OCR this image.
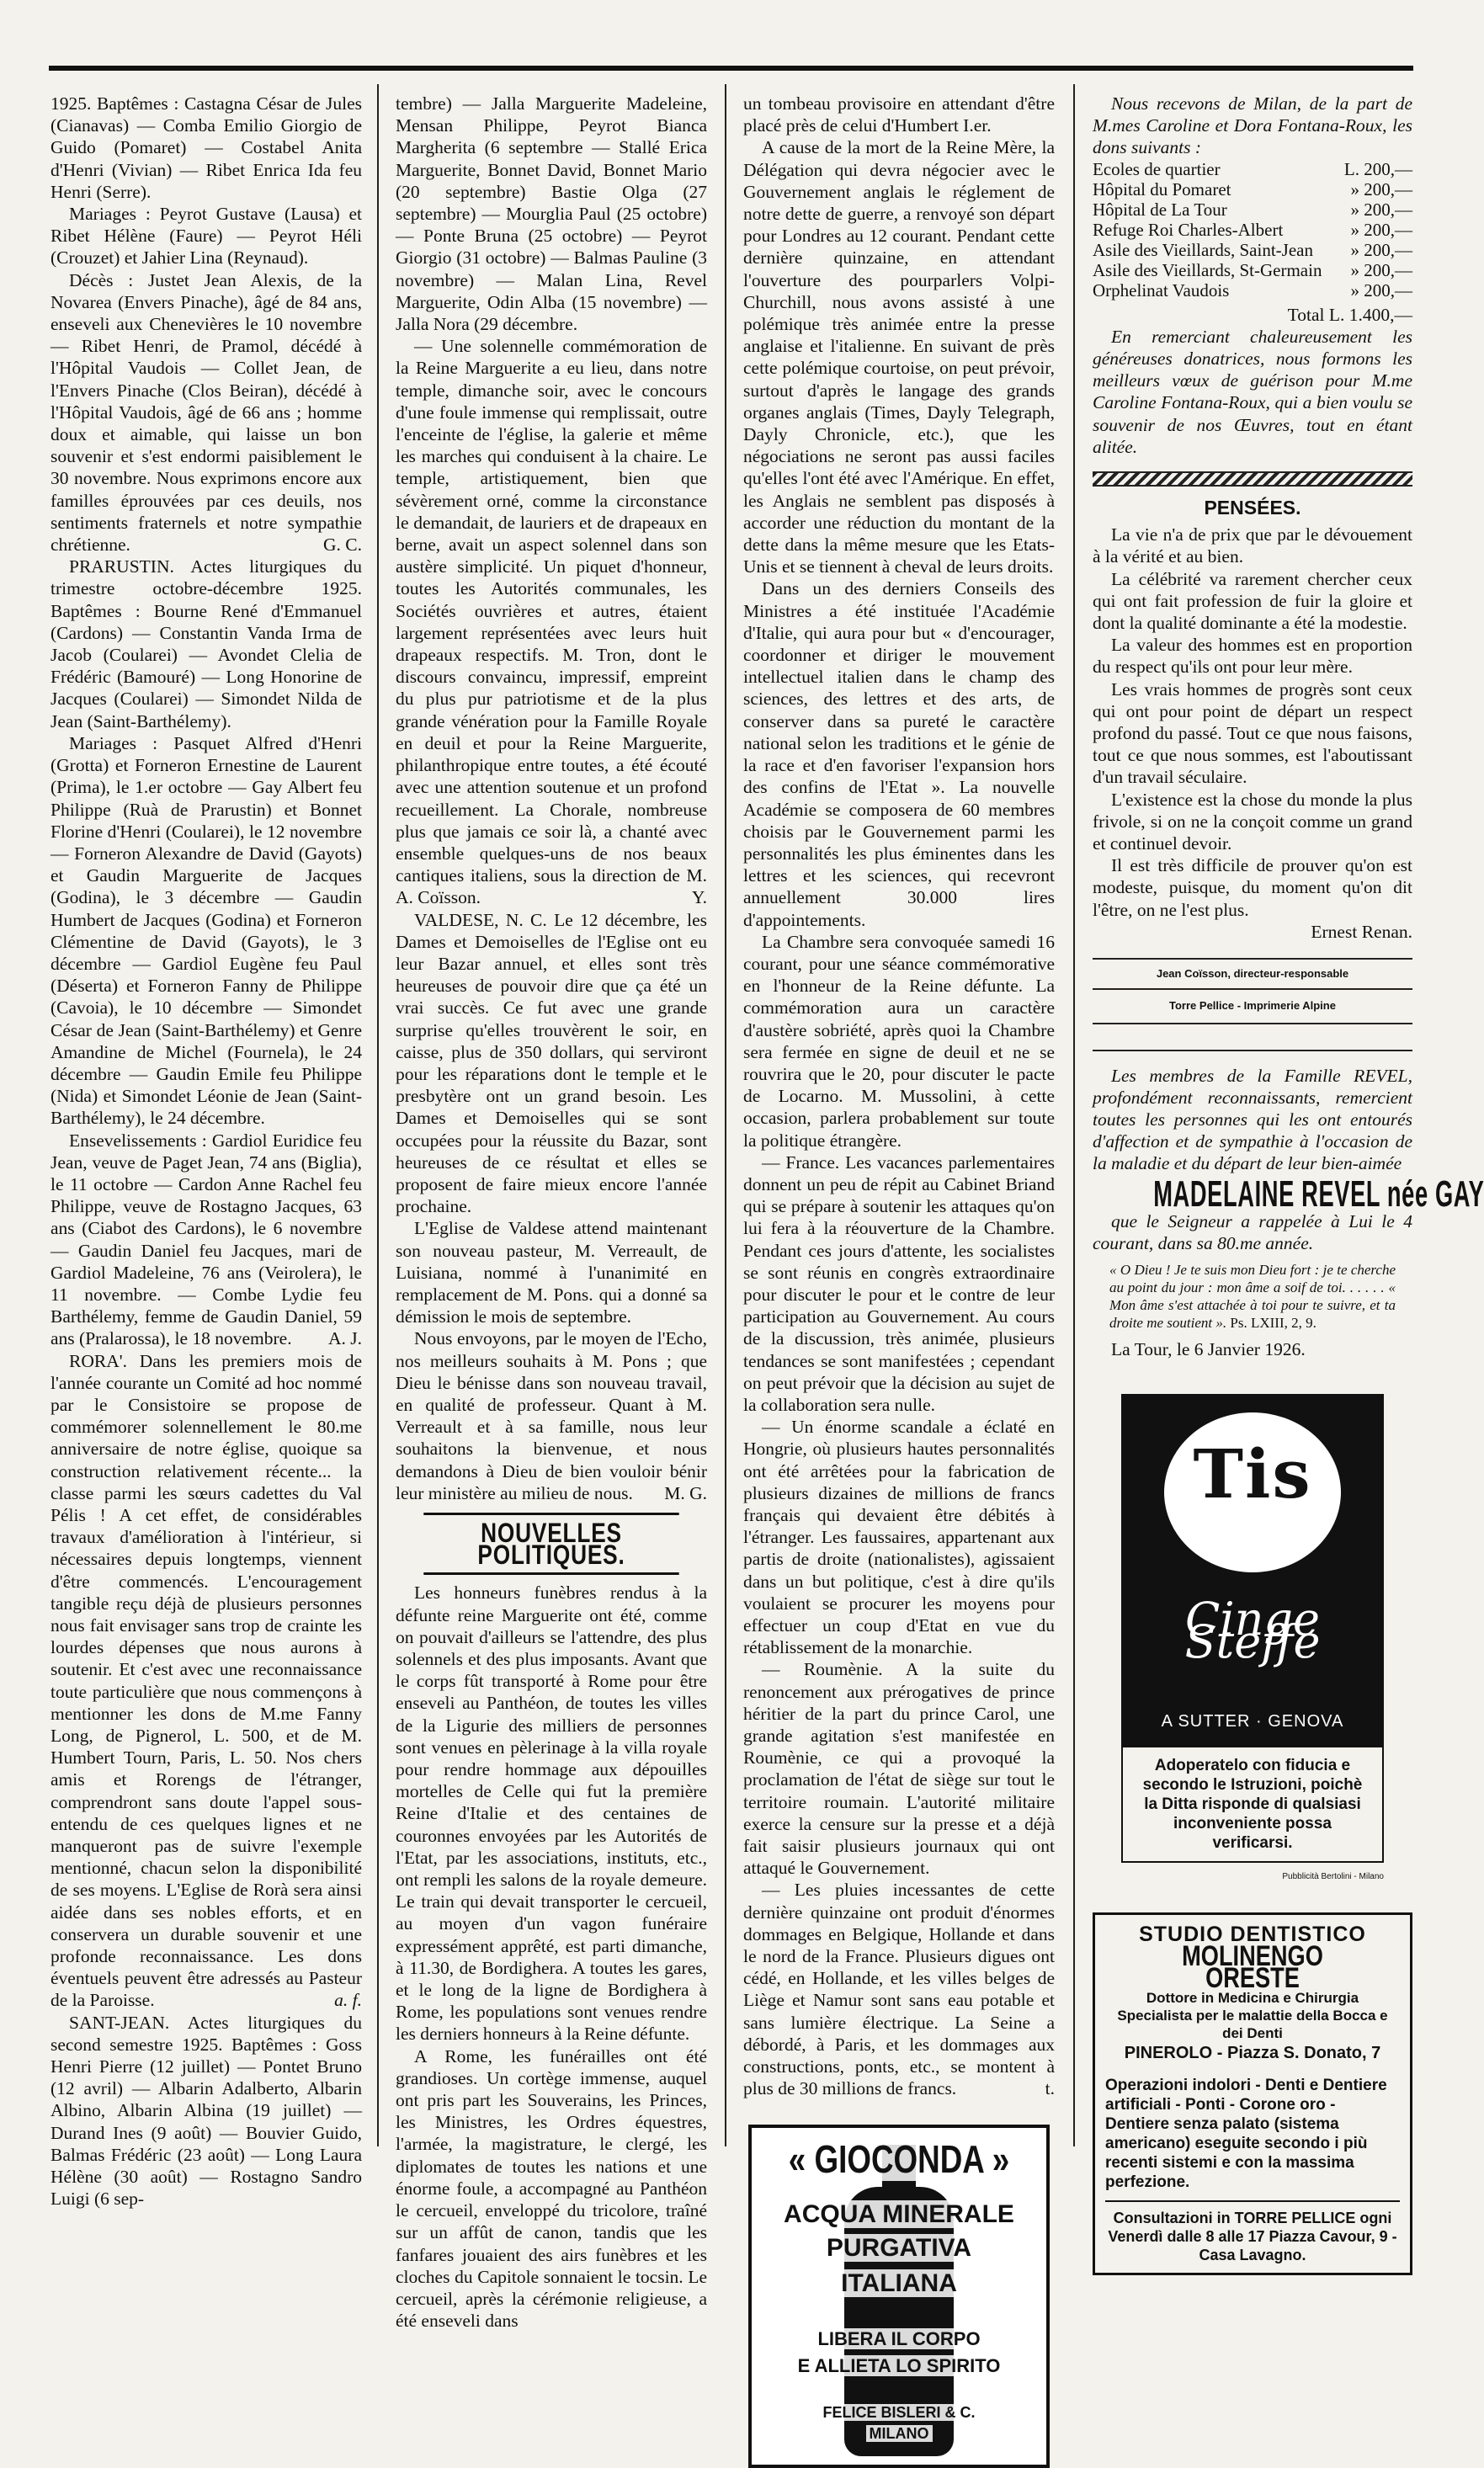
1925. Baptêmes : Castagna César de Jules (Cianavas) — Comba Emilio Giorgio de Guido (Pomaret) — Costabel Anita d'Henri (Vivian) — Ribet Enrica Ida feu Henri (Serre).

Mariages : Peyrot Gustave (Lausa) et Ribet Hélène (Faure) — Peyrot Héli (Crouzet) et Jahier Lina (Reynaud).

Décès : Justet Jean Alexis, de la Novarea (Envers Pinache), âgé de 84 ans, enseveli aux Chenevières le 10 novembre — Ribet Henri, de Pramol, décédé à l'Hôpital Vaudois — Collet Jean, de l'Envers Pinache (Clos Beiran), décédé à l'Hôpital Vaudois, âgé de 66 ans ; homme doux et aimable, qui laisse un bon souvenir et s'est endormi paisiblement le 30 novembre. Nous exprimons encore aux familles éprouvées par ces deuils, nos sentiments fraternels et notre sympathie chrétienne.	G. C.

PRARUSTIN. Actes liturgiques du trimestre octobre-décembre 1925. Baptêmes : Bourne René d'Emmanuel (Cardons) — Constantin Vanda Irma de Jacob (Coularei) — Avondet Clelia de Frédéric (Bamouré) — Long Honorine de Jacques (Coularei) — Simondet Nilda de Jean (Saint-Barthélemy).

Mariages : Pasquet Alfred d'Henri (Grotta) et Forneron Ernestine de Laurent (Prima), le 1.er octobre — Gay Albert feu Philippe (Ruà de Prarustin) et Bonnet Florine d'Henri (Coularei), le 12 novembre — Forneron Alexandre de David (Gayots) et Gaudin Marguerite de Jacques (Godina), le 3 décembre — Gaudin Humbert de Jacques (Godina) et Forneron Clémentine de David (Gayots), le 3 décembre — Gardiol Eugène feu Paul (Déserta) et Forneron Fanny de Philippe (Cavoia), le 10 décembre — Simondet César de Jean (Saint-Barthélemy) et Genre Amandine de Michel (Fournela), le 24 décembre — Gaudin Emile feu Philippe (Nida) et Simondet Léonie de Jean (Saint-Barthélemy), le 24 décembre.

Ensevelissements : Gardiol Euridice feu Jean, veuve de Paget Jean, 74 ans (Biglia), le 11 octobre — Cardon Anne Rachel feu Philippe, veuve de Rostagno Jacques, 63 ans (Ciabot des Cardons), le 6 novembre — Gaudin Daniel feu Jacques, mari de Gardiol Madeleine, 76 ans (Veirolera), le 11 novembre. — Combe Lydie feu Barthélemy, femme de Gaudin Daniel, 59 ans (Pralarossa), le 18 novembre.	A. J.

RORA'. Dans les premiers mois de l'année courante un Comité ad hoc nommé par le Consistoire se propose de commémorer solennellement le 80.me anniversaire de notre église, quoique sa construction relativement récente... la classe parmi les sœurs cadettes du Val Pélis ! A cet effet, de considérables travaux d'amélioration à l'intérieur, si nécessaires depuis longtemps, viennent d'être commencés. L'encouragement tangible reçu déjà de plusieurs personnes nous fait envisager sans trop de crainte les lourdes dépenses que nous aurons à soutenir. Et c'est avec une reconnaissance toute particulière que nous commençons à mentionner les dons de M.me Fanny Long, de Pignerol, L. 500, et de M. Humbert Tourn, Paris, L. 50. Nos chers amis et Rorengs de l'étranger, comprendront sans doute l'appel sous-entendu de ces quelques lignes et ne manqueront pas de suivre l'exemple mentionné, chacun selon la disponibilité de ses moyens. L'Eglise de Rorà sera ainsi aidée dans ses nobles efforts, et en conservera un durable souvenir et une profonde reconnaissance. Les dons éventuels peuvent être adressés au Pasteur de la Paroisse.	a. f.

SANT-JEAN. Actes liturgiques du second semestre 1925. Baptêmes : Goss Henri Pierre (12 juillet) — Pontet Bruno (12 avril) — Albarin Adalberto, Albarin Albino, Albarin Albina (19 juillet) — Durand Ines (9 août) — Bouvier Guido, Balmas Frédéric (23 août) — Long Laura Hélène (30 août) — Rostagno Sandro Luigi (6 sep-

tembre) — Jalla Marguerite Madeleine, Mensan Philippe, Peyrot Bianca Margherita (6 septembre — Stallé Erica Marguerite, Bonnet David, Bonnet Mario (20 septembre) Bastie Olga (27 septembre) — Mourglia Paul (25 octobre) — Ponte Bruna (25 octobre) — Peyrot Giorgio (31 octobre) — Balmas Pauline (3 novembre) — Malan Lina, Revel Marguerite, Odin Alba (15 novembre) — Jalla Nora (29 décembre.

— Une solennelle commémoration de la Reine Marguerite a eu lieu, dans notre temple, dimanche soir, avec le concours d'une foule immense qui remplissait, outre l'enceinte de l'église, la galerie et même les marches qui conduisent à la chaire. Le temple, artistiquement, bien que sévèrement orné, comme la circonstance le demandait, de lauriers et de drapeaux en berne, avait un aspect solennel dans son austère simplicité. Un piquet d'honneur, toutes les Autorités communales, les Sociétés ouvrières et autres, étaient largement représentées avec leurs huit drapeaux respectifs. M. Tron, dont le discours convaincu, impressif, empreint du plus pur patriotisme et de la plus grande vénération pour la Famille Royale en deuil et pour la Reine Marguerite, philanthropique entre toutes, a été écouté avec une attention soutenue et un profond recueillement. La Chorale, nombreuse plus que jamais ce soir là, a chanté avec ensemble quelques-uns de nos beaux cantiques italiens, sous la direction de M. A. Coïsson.	Y.

VALDESE, N. C. Le 12 décembre, les Dames et Demoiselles de l'Eglise ont eu leur Bazar annuel, et elles sont très heureuses de pouvoir dire que ça été un vrai succès. Ce fut avec une grande surprise qu'elles trouvèrent le soir, en caisse, plus de 350 dollars, qui serviront pour les réparations dont le temple et le presbytère ont un grand besoin. Les Dames et Demoiselles qui se sont occupées pour la réussite du Bazar, sont heureuses de ce résultat et elles se proposent de faire mieux encore l'année prochaine.

L'Eglise de Valdese attend maintenant son nouveau pasteur, M. Verreault, de Luisiana, nommé à l'unanimité en remplacement de M. Pons. qui a donné sa démission le mois de septembre.

Nous envoyons, par le moyen de l'Echo, nos meilleurs souhaits à M. Pons ; que Dieu le bénisse dans son nouveau travail, en qualité de professeur. Quant à M. Verreault et à sa famille, nous leur souhaitons la bienvenue, et nous demandons à Dieu de bien vouloir bénir leur ministère au milieu de nous.	M. G.

NOUVELLES POLITIQUES.

Les honneurs funèbres rendus à la défunte reine Marguerite ont été, comme on pouvait d'ailleurs se l'attendre, des plus solennels et des plus imposants. Avant que le corps fût transporté à Rome pour être enseveli au Panthéon, de toutes les villes de la Ligurie des milliers de personnes sont venues en pèlerinage à la villa royale pour rendre hommage aux dépouilles mortelles de Celle qui fut la première Reine d'Italie et des centaines de couronnes envoyées par les Autorités de l'Etat, par les associations, instituts, etc., ont rempli les salons de la royale demeure. Le train qui devait transporter le cercueil, au moyen d'un vagon funéraire expressément apprêté, est parti dimanche, à 11.30, de Bordighera. A toutes les gares, et le long de la ligne de Bordighera à Rome, les populations sont venues rendre les derniers honneurs à la Reine défunte.

A Rome, les funérailles ont été grandioses. Un cortège immense, auquel ont pris part les Souverains, les Princes, les Ministres, les Ordres équestres, l'armée, la magistrature, le clergé, les diplomates de toutes les nations et une énorme foule, a accompagné au Panthéon le cercueil, enveloppé du tricolore, traîné sur un affût de canon, tandis que les fanfares jouaient des airs funèbres et les cloches du Capitole sonnaient le tocsin. Le cercueil, après la cérémonie religieuse, a été enseveli dans

un tombeau provisoire en attendant d'être placé près de celui d'Humbert I.er.

A cause de la mort de la Reine Mère, la Délégation qui devra négocier avec le Gouvernement anglais le réglement de notre dette de guerre, a renvoyé son départ pour Londres au 12 courant. Pendant cette dernière quinzaine, en attendant l'ouverture des pourparlers Volpi-Churchill, nous avons assisté à une polémique très animée entre la presse anglaise et l'italienne. En suivant de près cette polémique courtoise, on peut prévoir, surtout d'après le langage des grands organes anglais (Times, Dayly Telegraph, Dayly Chronicle, etc.), que les négociations ne seront pas aussi faciles qu'elles l'ont été avec l'Amérique. En effet, les Anglais ne semblent pas disposés à accorder une réduction du montant de la dette dans la même mesure que les Etats-Unis et se tiennent à cheval de leurs droits.

Dans un des derniers Conseils des Ministres a été instituée l'Académie d'Italie, qui aura pour but « d'encourager, coordonner et diriger le mouvement intellectuel italien dans le champ des sciences, des lettres et des arts, de conserver dans sa pureté le caractère national selon les traditions et le génie de la race et d'en favoriser l'expansion hors des confins de l'Etat ». La nouvelle Académie se composera de 60 membres choisis par le Gouvernement parmi les personnalités les plus éminentes dans les lettres et les sciences, qui recevront annuellement 30.000 lires d'appointements.

La Chambre sera convoquée samedi 16 courant, pour une séance commémorative en l'honneur de la Reine défunte. La commémoration aura un caractère d'austère sobriété, après quoi la Chambre sera fermée en signe de deuil et ne se rouvrira que le 20, pour discuter le pacte de Locarno. M. Mussolini, à cette occasion, parlera probablement sur toute la politique étrangère.

— France. Les vacances parlementaires donnent un peu de répit au Cabinet Briand qui se prépare à soutenir les attaques qu'on lui fera à la réouverture de la Chambre. Pendant ces jours d'attente, les socialistes se sont réunis en congrès extraordinaire pour discuter le pour et le contre de leur participation au Gouvernement. Au cours de la discussion, très animée, plusieurs tendances se sont manifestées ; cependant on peut prévoir que la décision au sujet de la collaboration sera nulle.

— Un énorme scandale a éclaté en Hongrie, où plusieurs hautes personnalités ont été arrêtées pour la fabrication de plusieurs dizaines de millions de francs français qui devaient être débités à l'étranger. Les faussaires, appartenant aux partis de droite (nationalistes), agissaient dans un but politique, c'est à dire qu'ils voulaient se procurer les moyens pour effectuer un coup d'Etat en vue du rétablissement de la monarchie.

— Roumènie. A la suite du renoncement aux prérogatives de prince héritier de la part du prince Carol, une grande agitation s'est manifestée en Roumènie, ce qui a provoqué la proclamation de l'état de siège sur tout le territoire roumain. L'autorité militaire exerce la censure sur la presse et a déjà fait saisir plusieurs journaux qui ont attaqué le Gouvernement.

— Les pluies incessantes de cette dernière quinzaine ont produit d'énormes dommages en Belgique, Hollande et dans le nord de la France. Plusieurs digues ont cédé, en Hollande, et les villes belges de Liège et Namur sont sans eau potable et sans lumière électrique. La Seine a débordé, à Paris, et les dommages aux constructions, ponts, etc., se montent à plus de 30 millions de francs.	t.

« GIOCONDA »
ACQUA MINERALE
PURGATIVA
ITALIANA
LIBERA IL CORPO
E ALLIETA LO SPIRITO
FELICE BISLERI & C.
MILANO

Nous recevons de Milan, de la part de M.mes Caroline et Dora Fontana-Roux, les dons suivants :

Ecoles de quartier	L. 200,—
Hôpital du Pomaret	» 200,—
Hôpital de La Tour	» 200,—
Refuge Roi Charles-Albert	» 200,—
Asile des Vieillards, Saint-Jean » 200,—
Asile des Vieillards, St-Germain » 200,—
Orphelinat Vaudois	» 200,—
Total L. 1.400,—

En remerciant chaleureusement les généreuses donatrices, nous formons les meilleurs vœux de guérison pour M.me Caroline Fontana-Roux, qui a bien voulu se souvenir de nos Œuvres, tout en étant alitée.

PENSÉES.

La vie n'a de prix que par le dévouement à la vérité et au bien.

La célébrité va rarement chercher ceux qui ont fait profession de fuir la gloire et dont la qualité dominante a été la modestie.

La valeur des hommes est en proportion du respect qu'ils ont pour leur mère.

Les vrais hommes de progrès sont ceux qui ont pour point de départ un respect profond du passé. Tout ce que nous faisons, tout ce que nous sommes, est l'aboutissant d'un travail séculaire.

L'existence est la chose du monde la plus frivole, si on ne la conçoit comme un grand et continuel devoir.

Il est très difficile de prouver qu'on est modeste, puisque, du moment qu'on dit l'être, on ne l'est plus.

Ernest Renan.

Jean Coïsson, directeur-responsable
Torre Pellice - Imprimerie Alpine

Les membres de la Famille REVEL, profondément reconnaissants, remercient toutes les personnes qui les ont entourés d'affection et de sympathie à l'occasion de la maladie et du départ de leur bien-aimée

MADELAINE REVEL née GAY

que le Seigneur a rappelée à Lui le 4 courant, dans sa 80.me année.

« O Dieu ! Je te suis mon Dieu fort : je te cherche au point du jour : mon âme a soif de toi. . . . . . « Mon âme s'est attachée à toi pour te suivre, et ta droite me soutient ». Ps. LXIII, 2, 9.

La Tour, le 6 Janvier 1926.

Tis
Cinge Steffe
A SUTTER · GENOVA
Adoperatelo con fiducia e secondo le Istruzioni, poichè la Ditta risponde di qualsiasi inconveniente possa verificarsi.
Pubblicità Bertolini - Milano
STUDIO DENTISTICO
MOLINENGO ORESTE
Dottore in Medicina e Chirurgia
Specialista per le malattie della Bocca e dei Denti
PINEROLO - Piazza S. Donato, 7
Operazioni indolori - Denti e Dentiere artificiali - Ponti - Corone oro - Dentiere senza palato (sistema americano) eseguite secondo i più recenti sistemi e con la massima perfezione.
Consultazioni in TORRE PELLICE ogni Venerdì dalle 8 alle 17 Piazza Cavour, 9 - Casa Lavagno.
